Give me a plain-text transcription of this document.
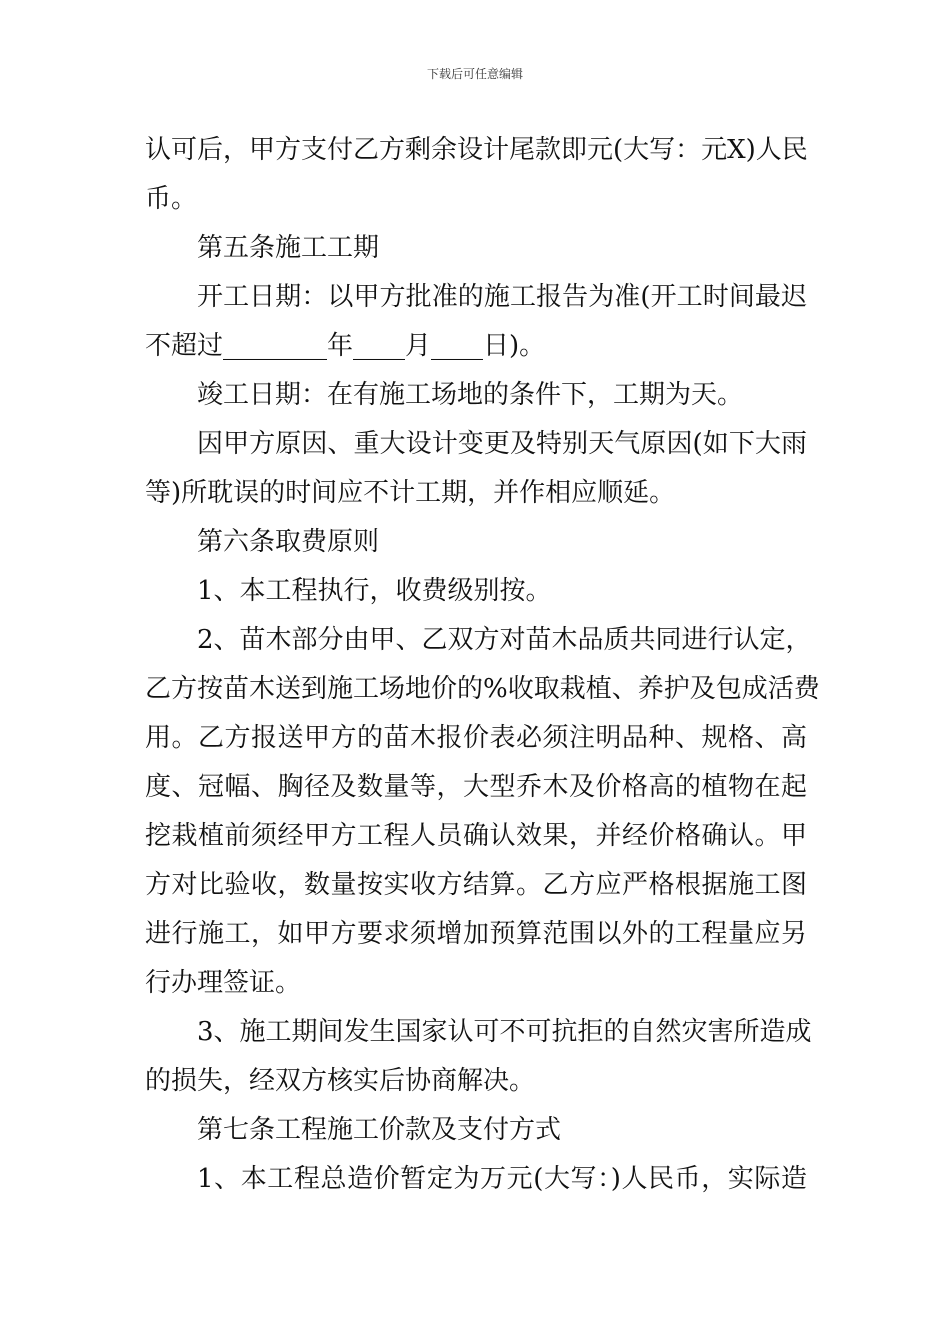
下载后可任意编辑
认可后，甲方支付乙方剩余设计尾款即元(大写：元X)人民
币。
第五条施工工期
开工日期：以甲方批准的施工报告为准(开工时间最迟
不超过________年____月____日)。
竣工日期：在有施工场地的条件下，工期为天。
因甲方原因、重大设计变更及特别天气原因(如下大雨
等)所耽误的时间应不计工期，并作相应顺延。
第六条取费原则
1、本工程执行，收费级别按。
2、苗木部分由甲、乙双方对苗木品质共同进行认定，
乙方按苗木送到施工场地价的%收取栽植、养护及包成活费
用。乙方报送甲方的苗木报价表必须注明品种、规格、高
度、冠幅、胸径及数量等，大型乔木及价格高的植物在起
挖栽植前须经甲方工程人员确认效果，并经价格确认。甲
方对比验收，数量按实收方结算。乙方应严格根据施工图
进行施工，如甲方要求须增加预算范围以外的工程量应另
行办理签证。
3、施工期间发生国家认可不可抗拒的自然灾害所造成
的损失，经双方核实后协商解决。
第七条工程施工价款及支付方式
1、本工程总造价暂定为万元(大写：)人民币，实际造
